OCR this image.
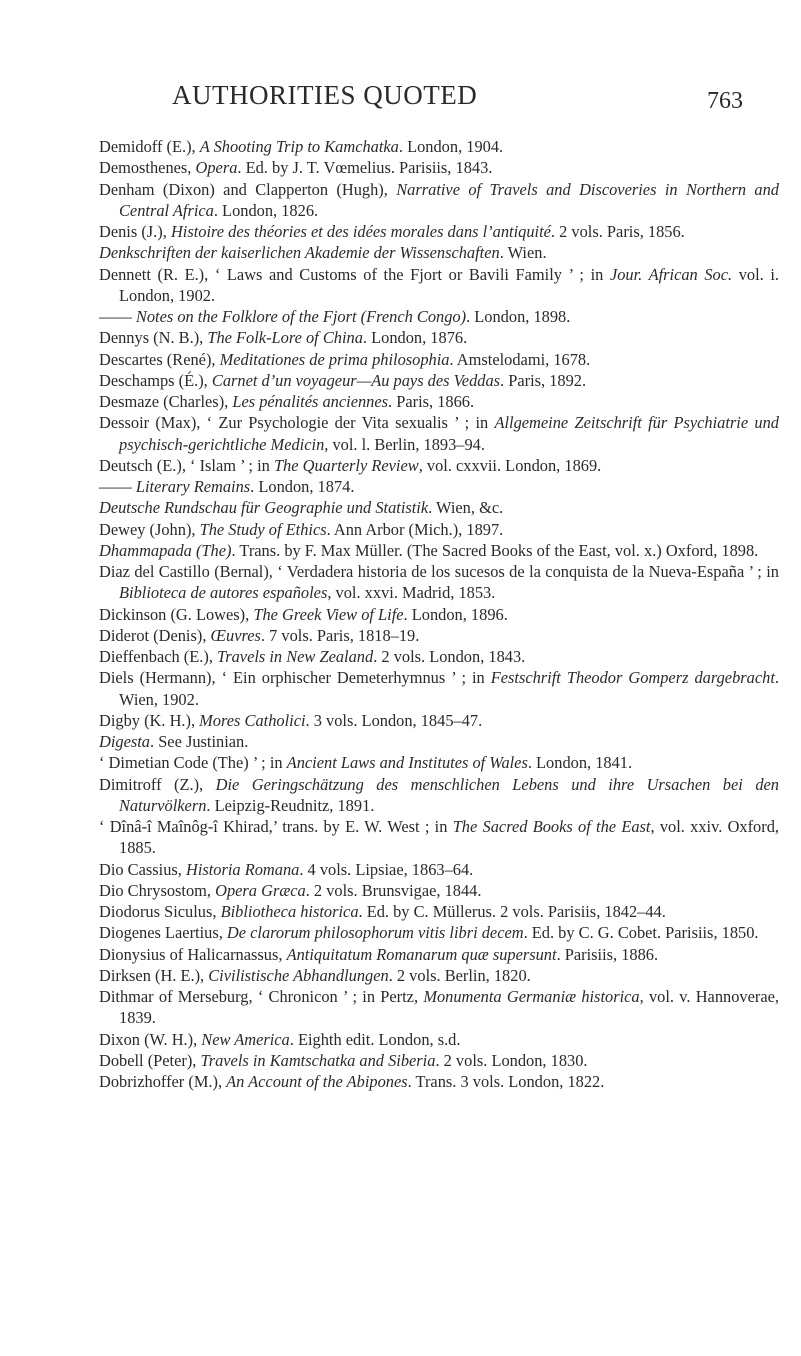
AUTHORITIES QUOTED	763

Demidoff (E.), A Shooting Trip to Kamchatka. London, 1904.

Demosthenes, Opera. Ed. by J. T. Vœmelius. Parisiis, 1843.

Denham (Dixon) and Clapperton (Hugh), Narrative of Travels and Discoveries in Northern and Central Africa. London, 1826.

Denis (J.), Histoire des théories et des idées morales dans l’antiquité. 2 vols. Paris, 1856.

Denkschriften der kaiserlichen Akademie der Wissenschaften. Wien.

Dennett (R. E.), ‘ Laws and Customs of the Fjort or Bavili Family ’ ; in Jour. African Soc. vol. i. London, 1902.

—— Notes on the Folklore of the Fjort (French Congo). London, 1898.

Dennys (N. B.), The Folk-Lore of China. London, 1876.

Descartes (René), Meditationes de prima philosophia. Amstelodami, 1678.

Deschamps (É.), Carnet d’un voyageur—Au pays des Veddas. Paris, 1892.

Desmaze (Charles), Les pénalités anciennes. Paris, 1866.

Dessoir (Max), ‘ Zur Psychologie der Vita sexualis ’ ; in Allgemeine Zeitschrift für Psychiatrie und psychisch-gerichtliche Medicin, vol. l. Berlin, 1893–94.

Deutsch (E.), ‘ Islam ’ ; in The Quarterly Review, vol. cxxvii. London, 1869.

—— Literary Remains. London, 1874.

Deutsche Rundschau für Geographie und Statistik. Wien, &c.

Dewey (John), The Study of Ethics. Ann Arbor (Mich.), 1897.

Dhammapada (The). Trans. by F. Max Müller. (The Sacred Books of the East, vol. x.) Oxford, 1898.

Diaz del Castillo (Bernal), ‘ Verdadera historia de los sucesos de la conquista de la Nueva-España ’ ; in Biblioteca de autores españoles, vol. xxvi. Madrid, 1853.

Dickinson (G. Lowes), The Greek View of Life. London, 1896.

Diderot (Denis), Œuvres. 7 vols. Paris, 1818–19.

Dieffenbach (E.), Travels in New Zealand. 2 vols. London, 1843.

Diels (Hermann), ‘ Ein orphischer Demeterhymnus ’ ; in Festschrift Theodor Gomperz dargebracht. Wien, 1902.

Digby (K. H.), Mores Catholici. 3 vols. London, 1845–47.

Digesta. See Justinian.

‘ Dimetian Code (The) ’ ; in Ancient Laws and Institutes of Wales. London, 1841.

Dimitroff (Z.), Die Geringschätzung des menschlichen Lebens und ihre Ursachen bei den Naturvölkern. Leipzig-Reudnitz, 1891.

‘ Dînâ-î Maînôg-î Khirad,’ trans. by E. W. West ; in The Sacred Books of the East, vol. xxiv. Oxford, 1885.

Dio Cassius, Historia Romana. 4 vols. Lipsiae, 1863–64.

Dio Chrysostom, Opera Græca. 2 vols. Brunsvigae, 1844.

Diodorus Siculus, Bibliotheca historica. Ed. by C. Müllerus. 2 vols. Parisiis, 1842–44.

Diogenes Laertius, De clarorum philosophorum vitis libri decem. Ed. by C. G. Cobet. Parisiis, 1850.

Dionysius of Halicarnassus, Antiquitatum Romanarum quæ supersunt. Parisiis, 1886.

Dirksen (H. E.), Civilistische Abhandlungen. 2 vols. Berlin, 1820.

Dithmar of Merseburg, ‘ Chronicon ’ ; in Pertz, Monumenta Germaniæ historica, vol. v. Hannoverae, 1839.

Dixon (W. H.), New America. Eighth edit. London, s.d.

Dobell (Peter), Travels in Kamtschatka and Siberia. 2 vols. London, 1830.

Dobrizhoffer (M.), An Account of the Abipones. Trans. 3 vols. London, 1822.
